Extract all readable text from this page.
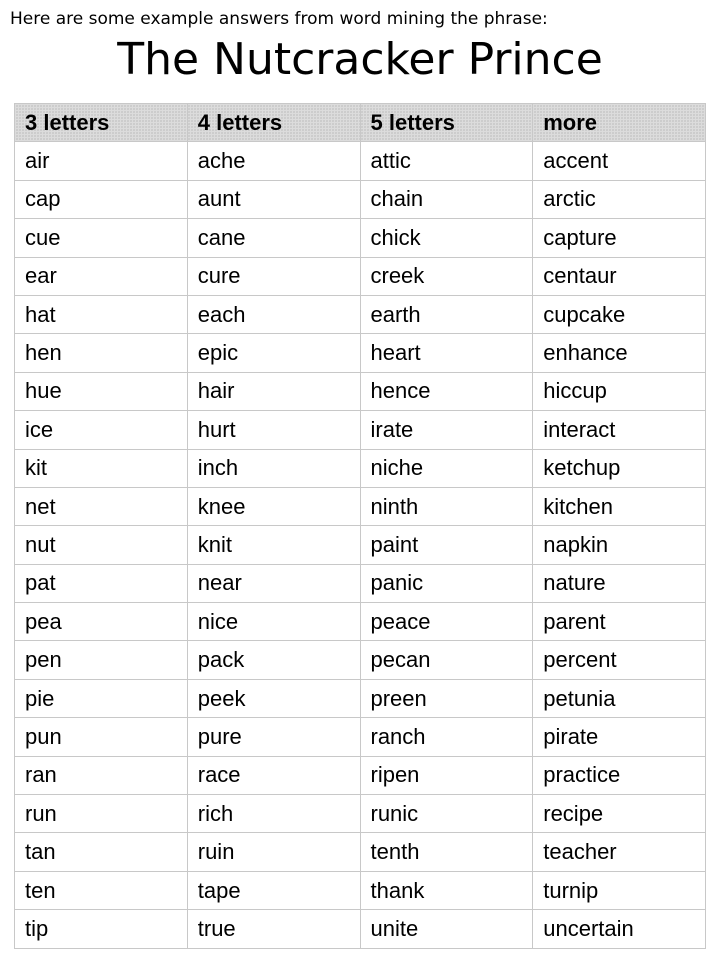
Here are some example answers from word mining the phrase:
The Nutcracker Prince
3 letters	4 letters	5 letters	more
air	ache	attic	accent
cap	aunt	chain	arctic
cue	cane	chick	capture
ear	cure	creek	centaur
hat	each	earth	cupcake
hen	epic	heart	enhance
hue	hair	hence	hiccup
ice	hurt	irate	interact
kit	inch	niche	ketchup
net	knee	ninth	kitchen
nut	knit	paint	napkin
pat	near	panic	nature
pea	nice	peace	parent
pen	pack	pecan	percent
pie	peek	preen	petunia
pun	pure	ranch	pirate
ran	race	ripen	practice
run	rich	runic	recipe
tan	ruin	tenth	teacher
ten	tape	thank	turnip
tip	true	unite	uncertain
